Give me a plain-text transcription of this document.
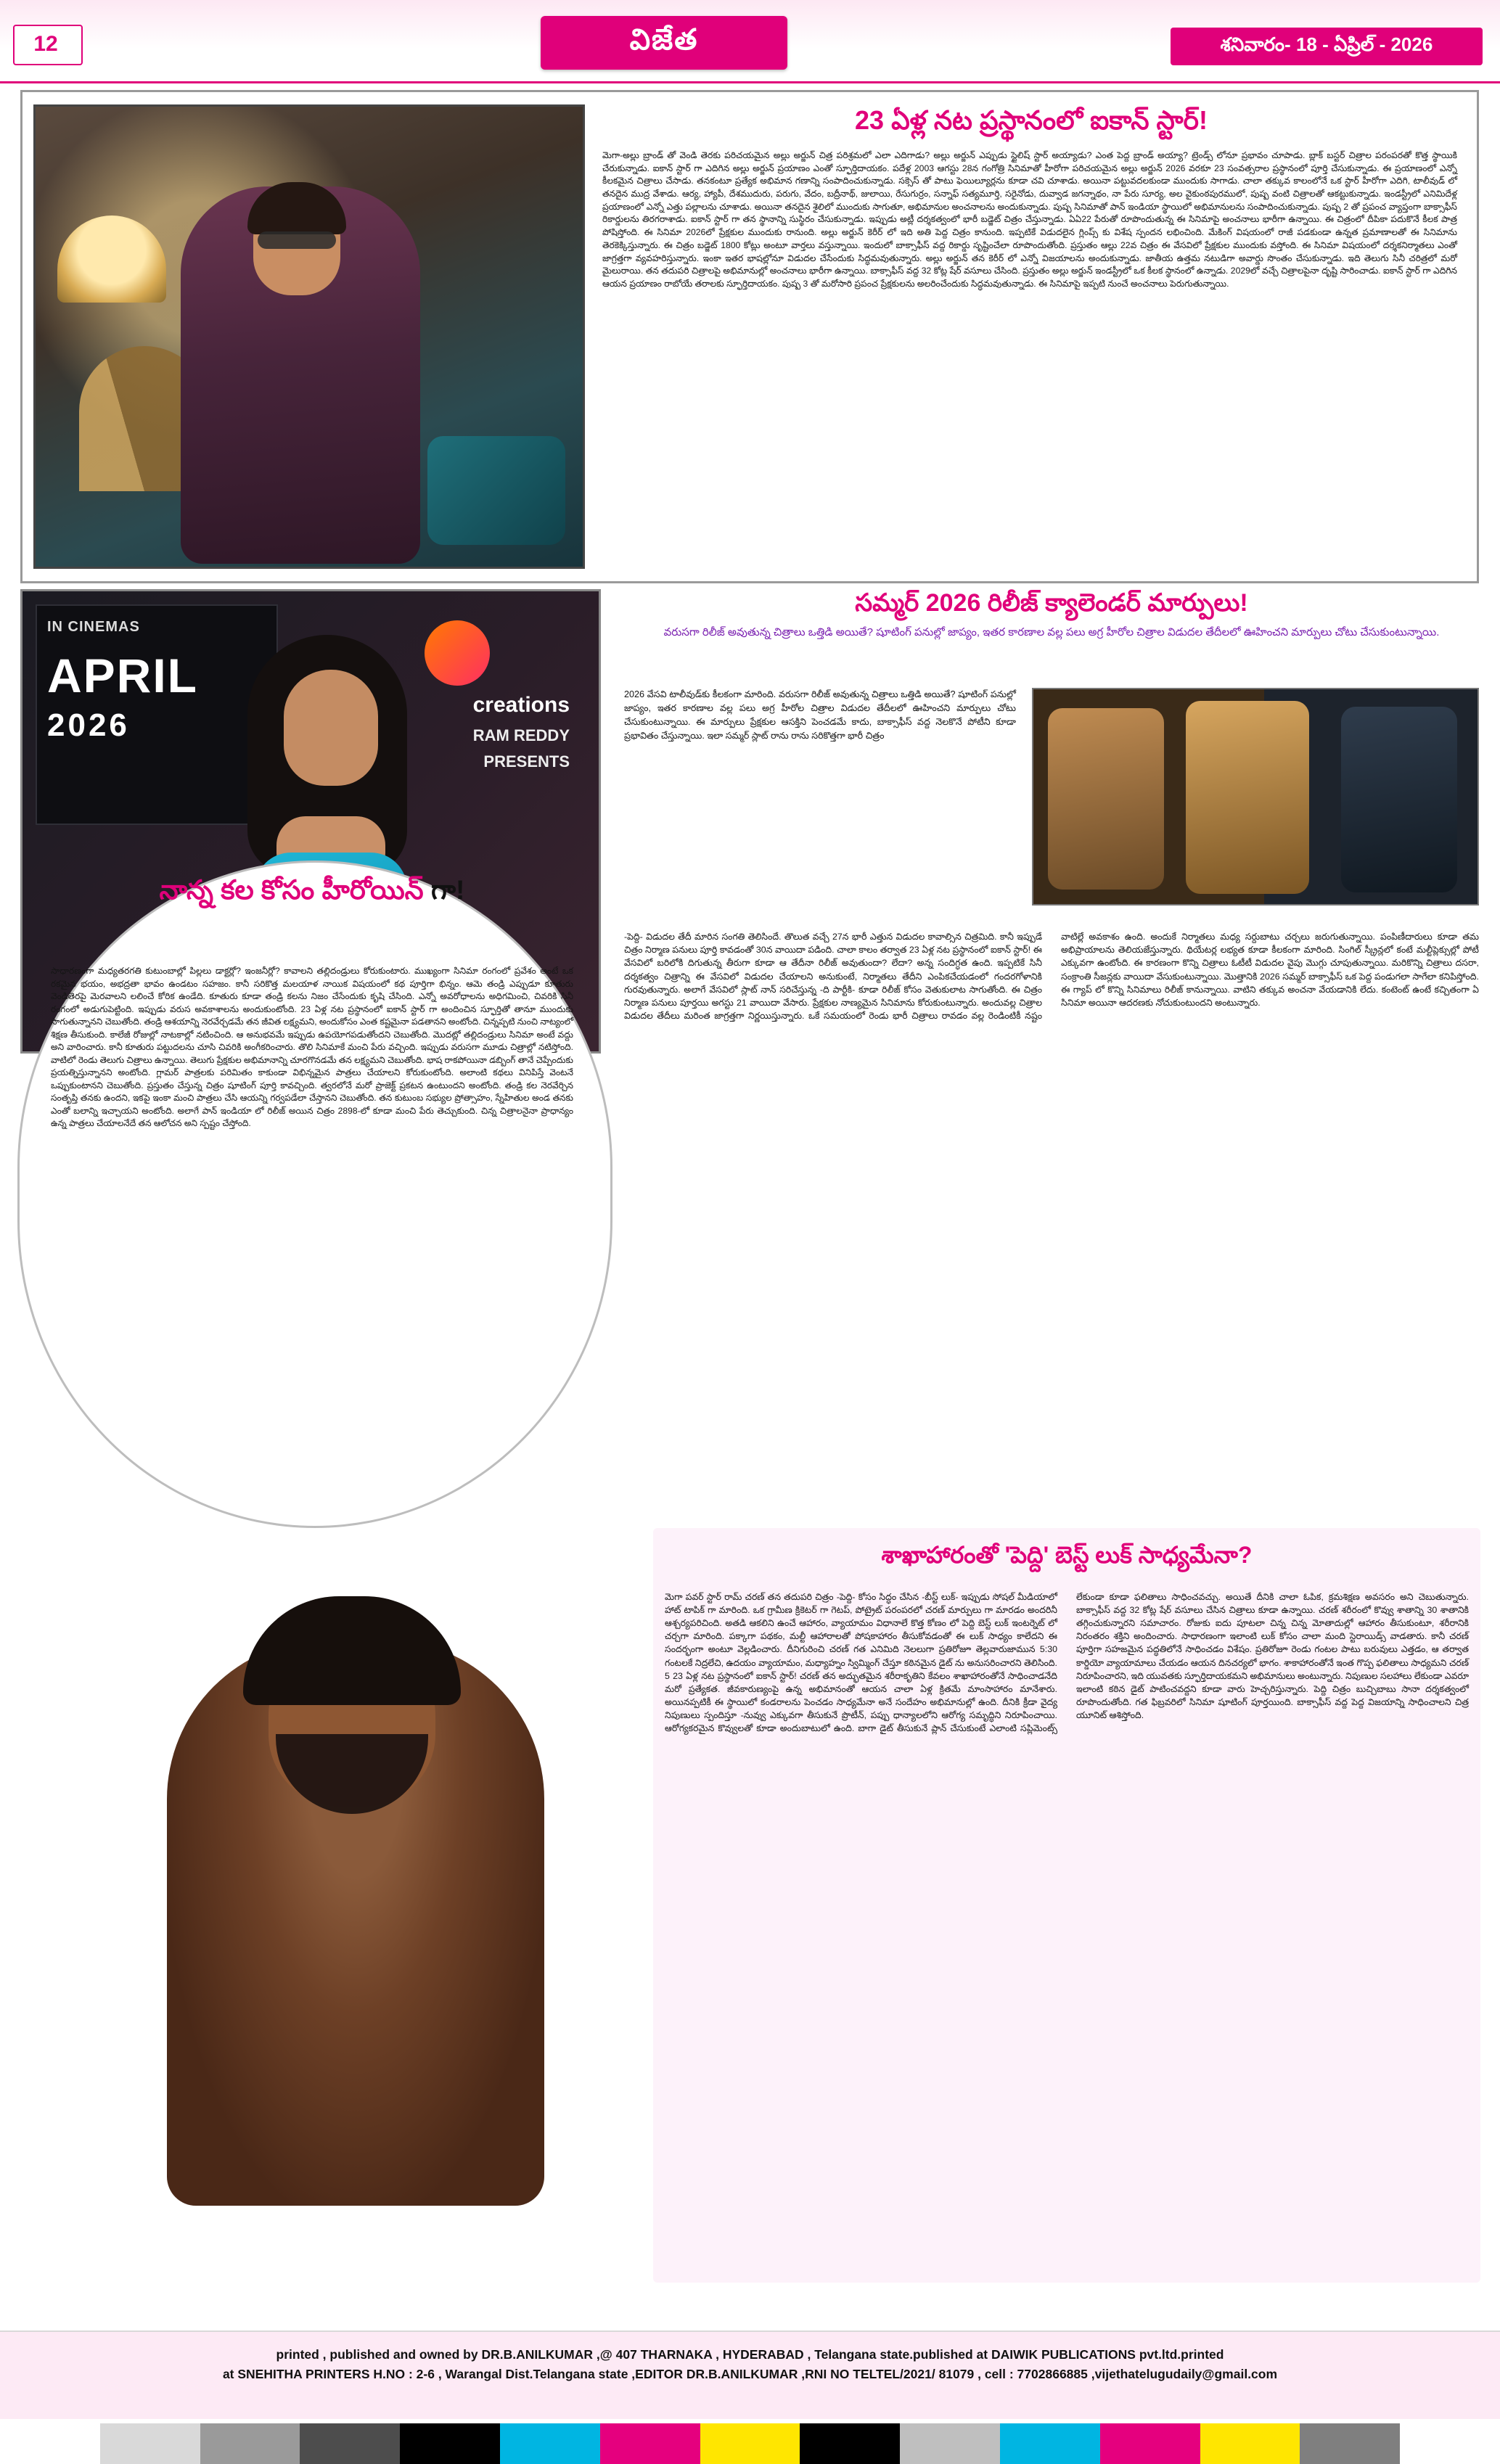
12	విజేత	శనివారం- 18 - ఏప్రిల్ - 2026
23 ఏళ్ల నట ప్రస్థానంలో ఐకాన్ స్టార్!
మెగా-అల్లు బ్రాండ్ తో వెండి తెరకు పరిచయమైన అల్లు అర్జున్ చిత్ర పరిశ్రమలో ఎలా ఎదిగాడు? అల్లు అర్జున్ ఎప్పుడు స్టైలిష్ స్టార్ అయ్యాడు? ఎంత పెద్ద బ్రాండ్ అయ్యా? ట్రెండ్స్ లోనూ ప్రభావం చూపాడు. బ్లాక్ బస్టర్ చిత్రాల పరంపరతో కొత్త స్థాయికి చేరుకున్నాడు. ఐకాన్ స్టార్ గా ఎదిగిన అల్లు అర్జున్ ప్రయాణం ఎంతో స్ఫూర్తిదాయకం. పదేళ్ల 2003 ఆగస్టు 28న గంగోత్రి సినిమాతో హీరోగా పరిచయమైన అల్లు అర్జున్ 2026 వరకూ 23 సంవత్సరాల ప్రస్థానంలో పూర్తి చేసుకున్నాడు. ఈ ప్రయాణంలో ఎన్నో కీలకమైన చిత్రాలు చేసాడు. తనకంటూ ప్రత్యేక అభిమాన గణాన్ని సంపాదించుకున్నాడు. సక్సెస్ తో పాటు ఫెయిల్యూర్లను కూడా చవి చూశాడు. అయినా పట్టువదలకుండా ముందుకు సాగాడు. చాలా తక్కువ కాలంలోనే ఒక స్టార్ హీరోగా ఎదిగి, టాలీవుడ్ లో తనదైన ముద్ర వేశాడు. ఆర్య, హ్యాపీ, దేశముదురు, పరుగు, వేదం, బద్రీనాథ్, జులాయి, రేసుగుర్రం, సన్నాఫ్ సత్యమూర్తి, సరైనోడు, దువ్వాడ జగన్నాథం, నా పేరు సూర్య, అల వైకుంఠపురములో, పుష్ప వంటి చిత్రాలతో ఆకట్టుకున్నాడు. ఇండస్ట్రీలో ఎనిమిదేళ్ల ప్రయాణంలో ఎన్నో ఎత్తు పల్లాలను చూశాడు. అయినా తనదైన శైలిలో ముందుకు సాగుతూ, అభిమానుల అంచనాలను అందుకున్నాడు. పుష్ప సినిమాతో పాన్ ఇండియా స్థాయిలో అభిమానులను సంపాదించుకున్నాడు. పుష్ప 2 తో ప్రపంచ వ్యాప్తంగా బాక్సాఫీస్ రికార్డులను తిరగరాశాడు. ఐకాన్ స్టార్ గా తన స్థానాన్ని సుస్థిరం చేసుకున్నాడు. ఇప్పుడు అట్లీ దర్శకత్వంలో భారీ బడ్జెట్ చిత్రం చేస్తున్నాడు. ఏఏ22 పేరుతో రూపొందుతున్న ఈ సినిమాపై అంచనాలు భారీగా ఉన్నాయి. ఈ చిత్రంలో దీపికా పదుకొనే కీలక పాత్ర పోషిస్తోంది. ఈ సినిమా 2026లో ప్రేక్షకుల ముందుకు రానుంది. అల్లు అర్జున్ కెరీర్ లో ఇది అతి పెద్ద చిత్రం కానుంది. ఇప్పటికే విడుదలైన గ్లింప్స్ కు విశేష స్పందన లభించింది. మేకింగ్ విషయంలో రాజీ పడకుండా ఉన్నత ప్రమాణాలతో ఈ సినిమాను తెరకెక్కిస్తున్నారు. ఈ చిత్రం బడ్జెట్ 1800 కోట్లు అంటూ వార్తలు వస్తున్నాయి. ఇందులో బాక్సాఫీస్ వద్ద రికార్డు సృష్టించేలా రూపొందుతోంది. ప్రస్తుతం ఆల్లు 22వ చిత్రం ఈ వేసవిలో ప్రేక్షకుల ముందుకు వస్తోంది. ఈ సినిమా విషయంలో దర్శకనిర్మాతలు ఎంతో జాగ్రత్తగా వ్యవహరిస్తున్నారు. ఇంకా ఇతర భాషల్లోనూ విడుదల చేసేందుకు సిద్ధమవుతున్నారు. అల్లు అర్జున్ తన కెరీర్ లో ఎన్నో విజయాలను అందుకున్నాడు. జాతీయ ఉత్తమ నటుడిగా అవార్డు సొంతం చేసుకున్నాడు. ఇది తెలుగు సినీ చరిత్రలో మరో మైలురాయి. తన తదుపరి చిత్రాలపై అభిమానుల్లో అంచనాలు భారీగా ఉన్నాయి. బాక్సాఫీస్ వద్ద 32 కోట్ల షేర్ వసూలు చేసింది. ప్రస్తుతం అల్లు అర్జున్ ఇండస్ట్రీలో ఒక కీలక స్థానంలో ఉన్నాడు. 2029లో వచ్చే చిత్రాలపైనా దృష్టి సారించాడు. ఐకాన్ స్టార్ గా ఎదిగిన ఆయన ప్రయాణం రాబోయే తరాలకు స్ఫూర్తిదాయకం. పుష్ప 3 తో మరోసారి ప్రపంచ ప్రేక్షకులను అలరించేందుకు సిద్ధమవుతున్నాడు. ఈ సినిమాపై ఇప్పటి నుంచే అంచనాలు పెరుగుతున్నాయి.
IN CINEMAS
APRIL
2026
creations
RAM REDDY
PRESENTS
నాన్న కల కోసం హీరోయిన్ గా!
సాధారణంగా మధ్యతరగతి కుటుంబాల్లో పిల్లలు డాక్టర్లో? ఇంజనీర్లో? కావాలని తల్లిదండ్రులు కోరుకుంటారు. ముఖ్యంగా సినిమా రంగంలో ప్రవేశం అంటే ఒక రకమైన భయం, అభద్రతా భావం ఉండటం సహజం. కానీ సరికొత్త మలయాళ నాయిక విషయంలో కథ పూర్తిగా భిన్నం. ఆమె తండ్రి ఎప్పుడూ కూతురు వెండితెరపై మెరవాలని లలించే కోరిక ఉండేది. కూతురు కూడా తండ్రి కలను నిజం చేసేందుకు కృషి చేసింది. ఎన్నో అవరోధాలను అధిగమించి, చివరికి సినీ రంగంలో అడుగుపెట్టింది. ఇప్పుడు వరుస అవకాశాలను అందుకుంటోంది. 23 ఏళ్ల నట ప్రస్థానంలో ఐకాన్ స్టార్ గా అందించిన స్ఫూర్తితో తానూ ముందుకు సాగుతున్నానని చెబుతోంది. తండ్రి ఆశయాన్ని నెరవేర్చడమే తన జీవిత లక్ష్యమని, అందుకోసం ఎంత కష్టమైనా పడతానని అంటోంది. చిన్నప్పటి నుంచి నాట్యంలో శిక్షణ తీసుకుంది. కాలేజీ రోజుల్లో నాటకాల్లో నటించింది. ఆ అనుభవమే ఇప్పుడు ఉపయోగపడుతోందని చెబుతోంది. మొదట్లో తల్లిదండ్రులు సినిమా అంటే వద్దు అని వారించారు. కానీ కూతురు పట్టుదలను చూసి చివరికి అంగీకరించారు. తొలి సినిమాకే మంచి పేరు వచ్చింది. ఇప్పుడు వరుసగా మూడు చిత్రాల్లో నటిస్తోంది. వాటిలో రెండు తెలుగు చిత్రాలు ఉన్నాయి. తెలుగు ప్రేక్షకుల అభిమానాన్ని చూరగొనడమే తన లక్ష్యమని చెబుతోంది. భాష రాకపోయినా డబ్బింగ్ తానే చెప్పేందుకు ప్రయత్నిస్తున్నానని అంటోంది. గ్లామర్ పాత్రలకు పరిమితం కాకుండా విభిన్నమైన పాత్రలు చేయాలని కోరుకుంటోంది. అలాంటి కథలు వినిపిస్తే వెంటనే ఒప్పుకుంటానని చెబుతోంది. ప్రస్తుతం చేస్తున్న చిత్రం షూటింగ్ పూర్తి కావచ్చింది. త్వరలోనే మరో ప్రాజెక్ట్ ప్రకటన ఉంటుందని అంటోంది. తండ్రి కల నెరవేర్చిన సంతృప్తి తనకు ఉందని, ఇకపై ఇంకా మంచి పాత్రలు చేసి ఆయన్ని గర్వపడేలా చేస్తానని చెబుతోంది. తన కుటుంబ సభ్యుల ప్రోత్సాహం, స్నేహితుల అండ తనకు ఎంతో బలాన్ని ఇచ్చాయని అంటోంది. అలాగే పాన్ ఇండియా లో రిలీజ్ అయిన చిత్రం 2898-లో కూడా మంచి పేరు తెచ్చుకుంది. చిన్న చిత్రాలనైనా ప్రాధాన్యం ఉన్న పాత్రలు చేయాలనేదే తన ఆలోచన అని స్పష్టం చేస్తోంది.
సమ్మర్ 2026 రిలీజ్ క్యాలెండర్ మార్పులు!
వరుసగా రిలీజ్ అవుతున్న చిత్రాలు ఒత్తిడి అయితే? షూటింగ్ పనుల్లో జాప్యం, ఇతర కారణాల వల్ల పలు అగ్ర హీరోల చిత్రాల విడుదల తేదీలలో ఊహించని మార్పులు చోటు చేసుకుంటున్నాయి.
2026 వేసవి టాలీవుడ్‌కు కీలకంగా మారింది. వరుసగా రిలీజ్ అవుతున్న చిత్రాలు ఒత్తిడి అయితే? షూటింగ్ పనుల్లో జాప్యం, ఇతర కారణాల వల్ల పలు అగ్ర హీరోల చిత్రాల విడుదల తేదీలలో ఊహించని మార్పులు చోటు చేసుకుంటున్నాయి. ఈ మార్పులు ప్రేక్షకుల ఆసక్తిని పెంచడమే కాదు, బాక్సాఫీస్ వద్ద నెలకొనే పోటీని కూడా ప్రభావితం చేస్తున్నాయి. ఇలా సమ్మర్ స్లాట్ రాను రాను సరికొత్తగా భారీ చిత్రం
-పెద్ది- విడుదల తేదీ మారిన సంగతి తెలిసిందే. తొలుత వచ్చే 27న భారీ ఎత్తున విడుదల కావాల్సిన చిత్రమిది. కానీ ఇప్పుడే చిత్రం నిర్మాణ పనులు పూర్తి కావడంతో 30న వాయిదా పడింది. చాలా కాలం తర్వాత 23 ఏళ్ల నట ప్రస్థానంలో ఐకాన్ స్టార్! ఈ వేసవిలో బరిలోకి దిగుతున్న తీరుగా కూడా ఆ తేదీనా రిలీజ్ అవుతుందా? లేదా? అన్న సందిగ్ధత ఉంది. ఇప్పటికే సినీ దర్శకత్వం చిత్రాన్ని ఈ వేసవిలో విడుదల చేయాలని అనుకుంటే, నిర్మాతలు తేదీని ఎంపికచేయడంలో గందరగోళానికి గురవుతున్నారు. అలాగే వేసవిలో స్లాట్ నాన్ సరిచేస్తున్న -ది పార్టీకి- కూడా రిలీజ్ కోసం వెతుకులాట సాగుతోంది. ఈ చిత్రం నిర్మాణ పనులు పూర్తయి అగస్టు 21 వాయిదా వేసారు. ప్రేక్షకుల నాణ్యమైన సినిమాను కోరుకుంటున్నారు. అందువల్ల చిత్రాల విడుదల తేదీలు మరింత జాగ్రత్తగా నిర్ణయిస్తున్నారు. ఒకే సమయంలో రెండు భారీ చిత్రాలు రావడం వల్ల రెండింటికీ నష్టం వాటిల్లే అవకాశం ఉంది. అందుకే నిర్మాతలు మధ్య సర్దుబాటు చర్చలు జరుగుతున్నాయి. పంపిణీదారులు కూడా తమ అభిప్రాయాలను తెలియజేస్తున్నారు. థియేటర్ల లభ్యత కూడా కీలకంగా మారింది. సింగిల్ స్క్రీన్లలో కంటే మల్టీప్లెక్సుల్లో పోటీ ఎక్కువగా ఉంటోంది. ఈ కారణంగా కొన్ని చిత్రాలు ఓటీటీ విడుదల వైపు మొగ్గు చూపుతున్నాయి. మరికొన్ని చిత్రాలు దసరా, సంక్రాంతి సీజన్లకు వాయిదా వేసుకుంటున్నాయి. మొత్తానికి 2026 సమ్మర్ బాక్సాఫీస్ ఒక పెద్ద పండుగలా సాగేలా కనిపిస్తోంది. ఈ గ్యాప్ లో కొన్ని సినిమాలు రిలీజ్ కానున్నాయి. వాటిని తక్కువ అంచనా వేయడానికి లేదు. కంటెంట్ ఉంటే కచ్చితంగా ఏ సినిమా అయినా ఆదరణకు నోచుకుంటుందని అంటున్నారు.
శాఖాహారంతో 'పెద్ది' బెస్ట్ లుక్ సాధ్యమేనా?
మెగా పవర్ స్టార్ రామ్ చరణ్ తన తదుపరి చిత్రం -పెద్ది- కోసం సిద్ధం చేసిన -బీస్ట్ లుక్- ఇప్పుడు సోషల్ మీడియాలో హాట్ టాపిక్ గా మారింది. ఒక గ్రామీణ క్రికెటర్ గా గెటప్, పోట్రైట్ పరంపరలో చరణ్ మార్పులు గా మారడం అందరినీ ఆశ్చర్యపరిచింది. అతడి ఆకలిని ఉంచే ఆహారం, వ్యాయామం విధానాలే కొత్త కోణం లో పెద్ది బెస్ట్ లుక్ ఇంటర్నెట్ లో చర్చగా మారింది. పక్కాగా పథకం, మల్టీ ఆహారాలతో పోషకాహారం తీసుకోవడంతో ఈ లుక్ సాధ్యం కాలేదని ఈ సందర్భంగా అంటూ వెల్లడించారు. దీనిగురించి చరణ్ గత ఎనిమిది నెలలుగా ప్రతిరోజూ తెల్లవారుజామున 5:30 గంటలకే నిద్రలేచి, ఉదయం వ్యాయామం, మధ్యాహ్నం స్విమ్మింగ్ చేస్తూ కఠినమైన డైట్ ను అనుసరించారని తెలిసింది. 5 23 ఏళ్ల నట ప్రస్థానంలో ఐకాన్ స్టార్! చరణ్ తన అద్భుతమైన శరీరాకృతిని కేవలం శాఖాహారంతోనే సాధించాడనేది మరో ప్రత్యేకత. జీవకారుణ్యంపై ఉన్న అభిమానంతో ఆయన చాలా ఏళ్ల క్రితమే మాంసాహారం మానేశారు. అయినప్పటికీ ఈ స్థాయిలో కండరాలను పెంచడం సాధ్యమేనా అనే సందేహం అభిమానుల్లో ఉంది. దీనికి క్రీడా వైద్య నిపుణులు స్పందిస్తూ -నువ్వు ఎక్కువగా తీసుకునే ప్రొటీన్, పప్పు ధాన్యాలలోని ఆరోగ్య సమృద్ధిని నిరూపించాయి. ఆరోగ్యకరమైన కొవ్వులతో కూడా అందుబాటులో ఉంది. బాగా డైట్ తీసుకునే ప్లాన్ చేసుకుంటే ఎలాంటి సప్లిమెంట్స్ లేకుండా కూడా ఫలితాలు సాధించవచ్చు. అయితే దీనికి చాలా ఓపిక, క్రమశిక్షణ అవసరం అని చెబుతున్నారు. బాక్సాఫీస్ వద్ద 32 కోట్ల షేర్ వసూలు చేసిన చిత్రాలు కూడా ఉన్నాయి. చరణ్ శరీరంలో కొవ్వు శాతాన్ని 30 శాతానికి తగ్గించుకున్నారని సమాచారం. రోజుకు ఐదు పూటలా చిన్న చిన్న మోతాదుల్లో ఆహారం తీసుకుంటూ, శరీరానికి నిరంతరం శక్తిని అందించారు. సాధారణంగా ఇలాంటి లుక్ కోసం చాలా మంది స్టెరాయిడ్స్ వాడతారు. కానీ చరణ్ పూర్తిగా సహజమైన పద్ధతిలోనే సాధించడం విశేషం. ప్రతిరోజూ రెండు గంటల పాటు బరువులు ఎత్తడం, ఆ తర్వాత కార్డియో వ్యాయామాలు చేయడం ఆయన దినచర్యలో భాగం. శాకాహారంతోనే ఇంత గొప్ప ఫలితాలు సాధ్యమని చరణ్ నిరూపించారని, ఇది యువతకు స్ఫూర్తిదాయకమని అభిమానులు అంటున్నారు. నిపుణుల సలహాలు లేకుండా ఎవరూ ఇలాంటి కఠిన డైట్ పాటించవద్దని కూడా వారు హెచ్చరిస్తున్నారు. పెద్ది చిత్రం బుచ్చిబాబు సానా దర్శకత్వంలో రూపొందుతోంది. గత ఫిబ్రవరిలో సినిమా షూటింగ్ పూర్తయింది. బాక్సాఫీస్ వద్ద పెద్ద విజయాన్ని సాధించాలని చిత్ర యూనిట్ ఆశిస్తోంది.

printed , published and owned by DR.B.ANILKUMAR ,@ 407 THARNAKA , HYDERABAD , Telangana state.published at DAIWIK PUBLICATIONS pvt.ltd.printed

at SNEHITHA PRINTERS H.NO : 2-6 , Warangal Dist.Telangana state ,EDITOR DR.B.ANILKUMAR ,RNI NO TELTEL/2021/ 81079 , cell : 7702866885 ,vijethatelugudaily@gmail.com
